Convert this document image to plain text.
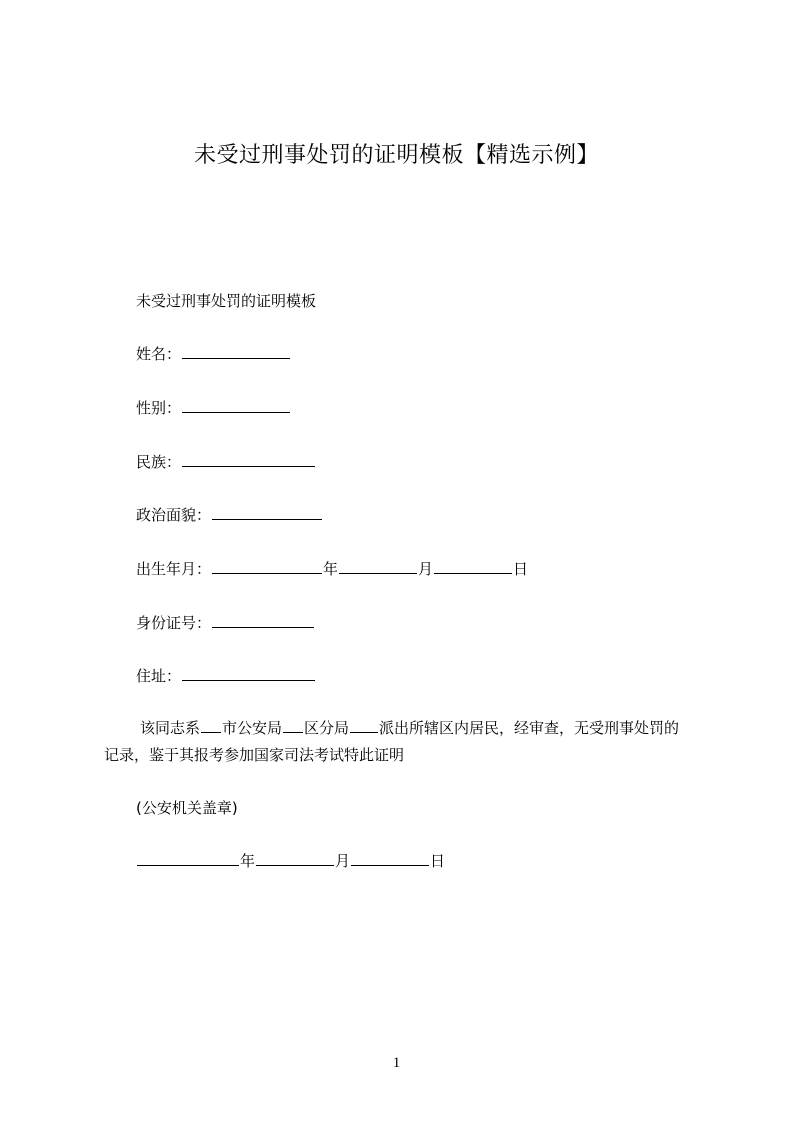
未受过刑事处罚的证明模板【精选示例】
未受过刑事处罚的证明模板
姓名：
性别：
民族：
政治面貌：
出生年月：	年	月	日
身份证号：
住址：
该同志系 市公安局 区分局 派出所辖区内居民，经审查，无受刑事处罚的
记录，鉴于其报考参加国家司法考试特此证明
(公安机关盖章)
年	月	日
1
